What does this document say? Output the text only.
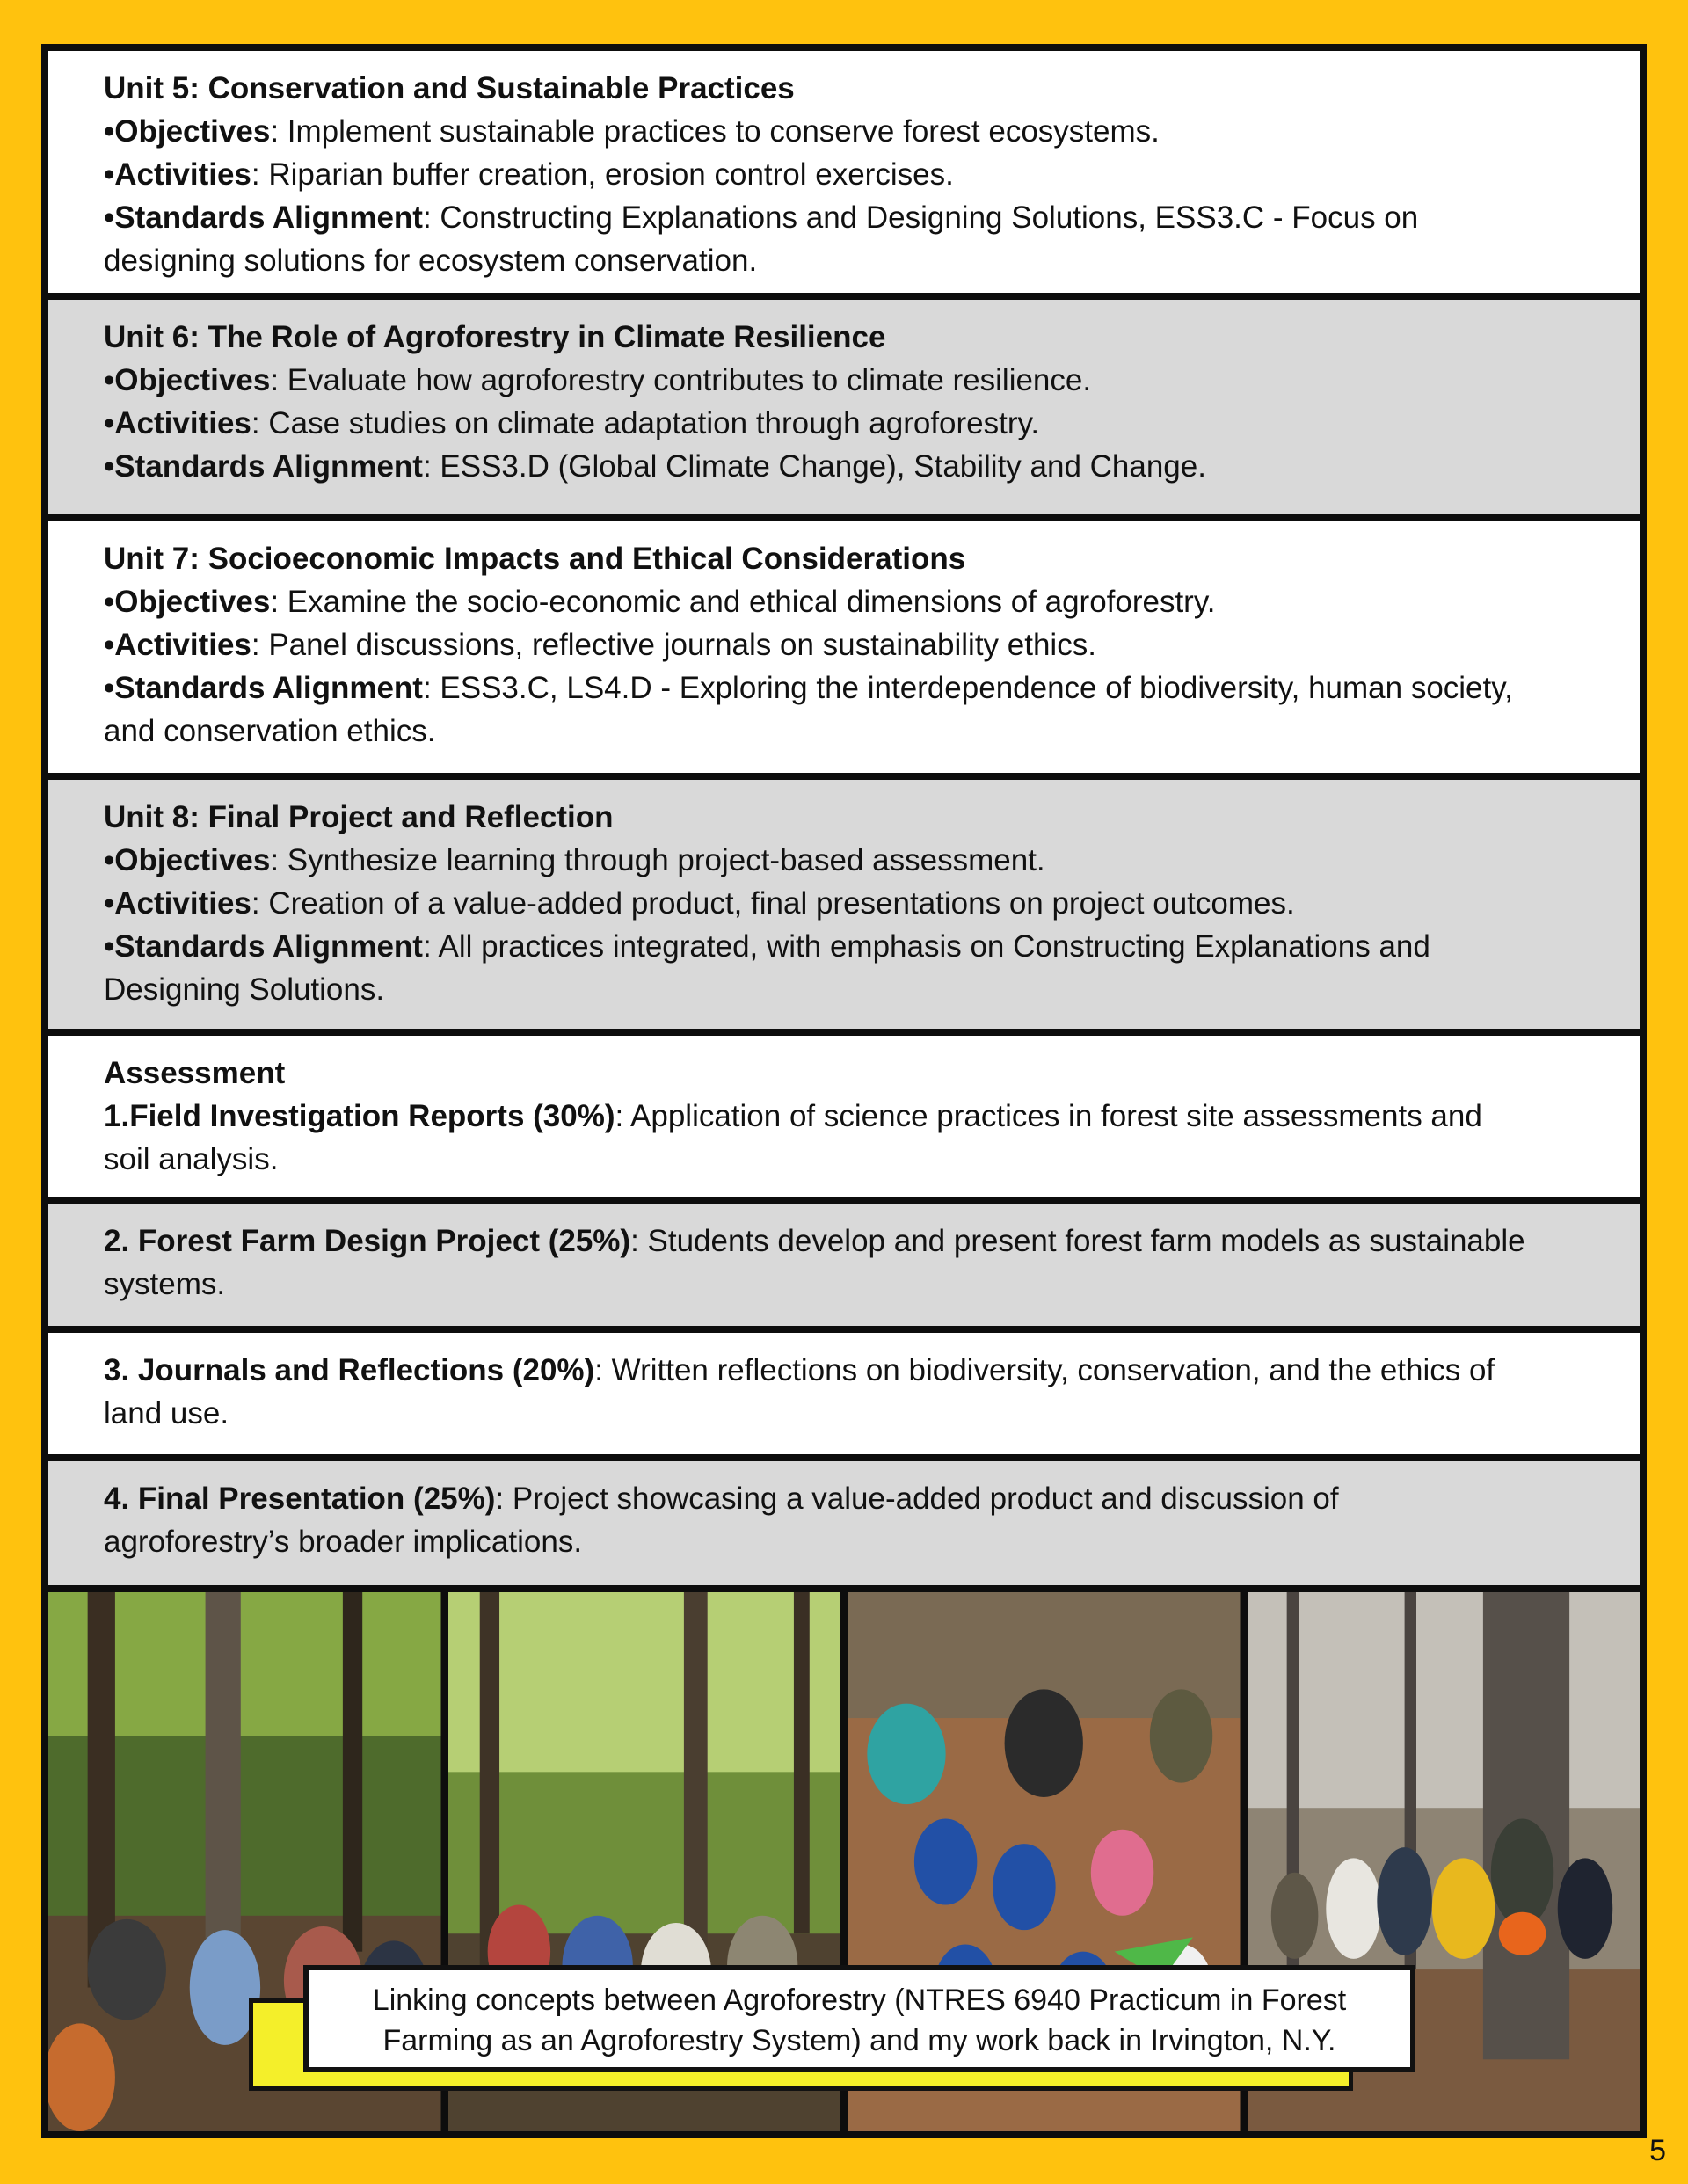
Unit 5: Conservation and Sustainable Practices
•Objectives: Implement sustainable practices to conserve forest ecosystems.
•Activities: Riparian buffer creation, erosion control exercises.
•Standards Alignment: Constructing Explanations and Designing Solutions, ESS3.C - Focus on
designing solutions for ecosystem conservation.
Unit 6: The Role of Agroforestry in Climate Resilience
•Objectives: Evaluate how agroforestry contributes to climate resilience.
•Activities: Case studies on climate adaptation through agroforestry.
•Standards Alignment: ESS3.D (Global Climate Change), Stability and Change.
Unit 7: Socioeconomic Impacts and Ethical Considerations
•Objectives: Examine the socio-economic and ethical dimensions of agroforestry.
•Activities: Panel discussions, reflective journals on sustainability ethics.
•Standards Alignment: ESS3.C, LS4.D - Exploring the interdependence of biodiversity, human society,
and conservation ethics.
Unit 8: Final Project and Reflection
•Objectives: Synthesize learning through project-based assessment.
•Activities: Creation of a value-added product, final presentations on project outcomes.
•Standards Alignment: All practices integrated, with emphasis on Constructing Explanations and
Designing Solutions.
Assessment
1.Field Investigation Reports (30%): Application of science practices in forest site assessments and
soil analysis.
2. Forest Farm Design Project (25%): Students develop and present forest farm models as sustainable
systems.
3. Journals and Reflections (20%): Written reflections on biodiversity, conservation, and the ethics of
land use.
4. Final Presentation (25%): Project showcasing a value-added product and discussion of
agroforestry’s broader implications.
Linking concepts between Agroforestry (NTRES 6940 Practicum in Forest
Farming as an Agroforestry System) and my work back in Irvington, N.Y.
5
